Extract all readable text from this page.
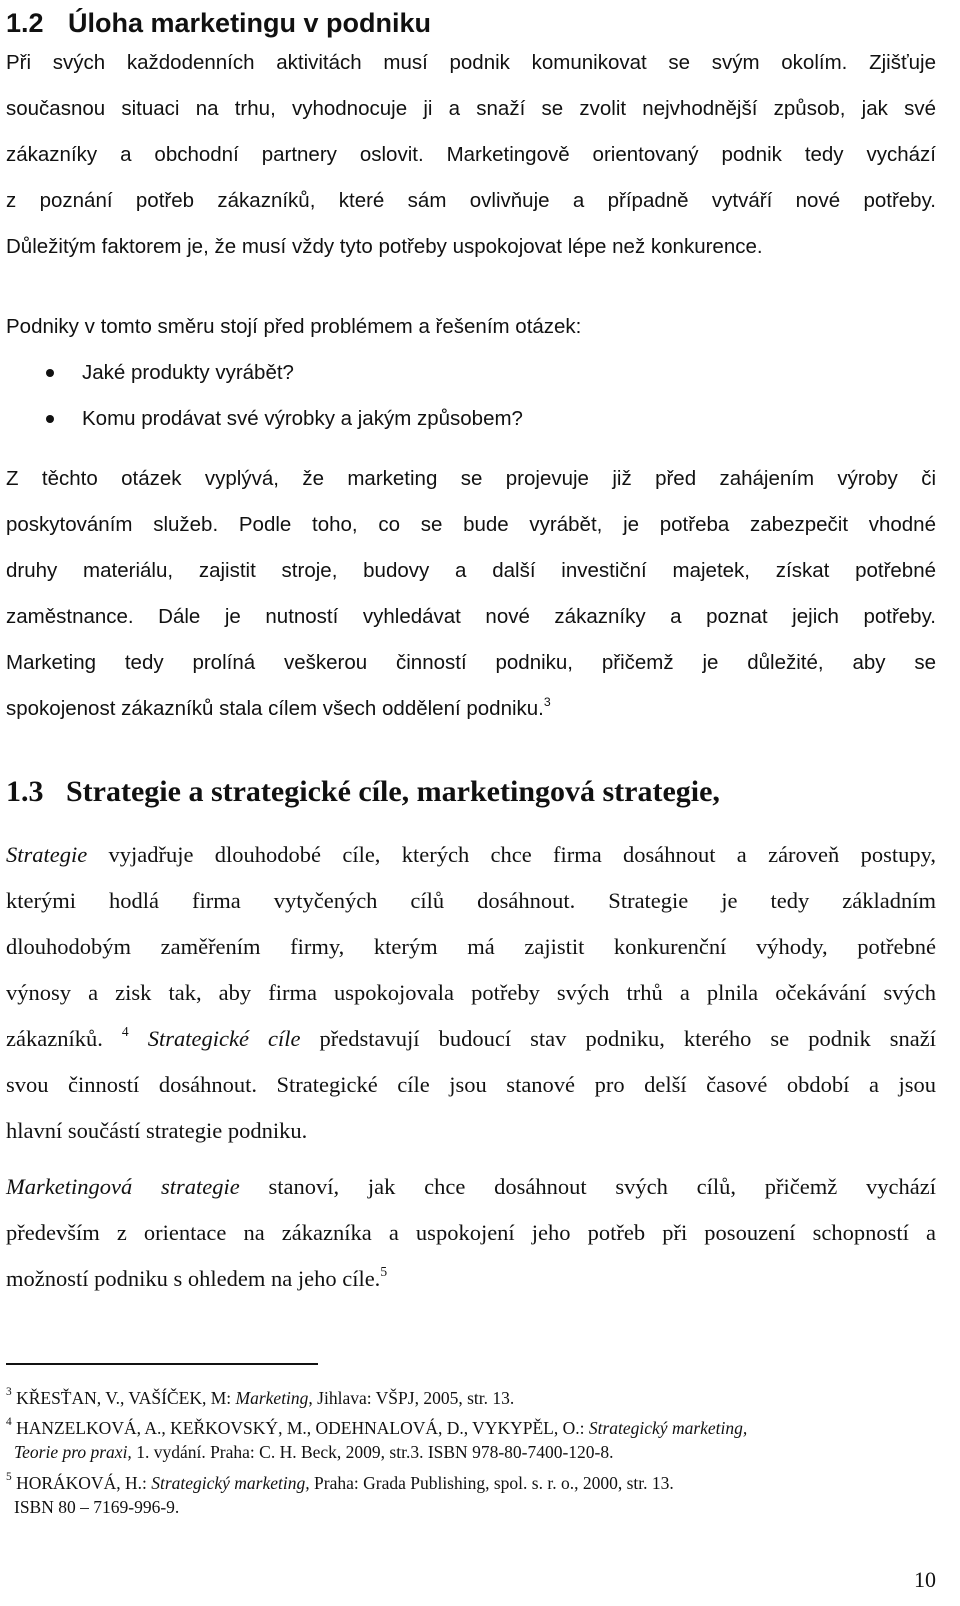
1.2 Úloha marketingu v podniku
Při svých každodenních aktivitách musí podnik komunikovat se svým okolím. Zjišťuje
současnou situaci na trhu, vyhodnocuje ji a snaží se zvolit nejvhodnější způsob, jak své
zákazníky a obchodní partnery oslovit. Marketingově orientovaný podnik tedy vychází
z poznání potřeb zákazníků, které sám ovlivňuje a případně vytváří nové potřeby.
Důležitým faktorem je, že musí vždy tyto potřeby uspokojovat lépe než konkurence.
Podniky v tomto směru stojí před problémem a řešením otázek:
Jaké produkty vyrábět?
Komu prodávat své výrobky a jakým způsobem?
Z těchto otázek vyplývá, že marketing se projevuje již před zahájením výroby či
poskytováním služeb. Podle toho, co se bude vyrábět, je potřeba zabezpečit vhodné
druhy materiálu, zajistit stroje, budovy a další investiční majetek, získat potřebné
zaměstnance. Dále je nutností vyhledávat nové zákazníky a poznat jejich potřeby.
Marketing tedy prolíná veškerou činností podniku, přičemž je důležité, aby se
spokojenost zákazníků stala cílem všech oddělení podniku.$^3$
1.3 Strategie a strategické cíle, marketingová strategie,
Strategie vyjadřuje dlouhodobé cíle, kterých chce firma dosáhnout a zároveň postupy,
kterými hodlá firma vytyčených cílů dosáhnout. Strategie je tedy základním
dlouhodobým zaměřením firmy, kterým má zajistit konkurenční výhody, potřebné
výnosy a zisk tak, aby firma uspokojovala potřeby svých trhů a plnila očekávání svých
zákazníků. $^4$ Strategické cíle představují budoucí stav podniku, kterého se podnik snaží
svou činností dosáhnout. Strategické cíle jsou stanové pro delší časové období a jsou
hlavní součástí strategie podniku.
Marketingová strategie stanoví, jak chce dosáhnout svých cílů, přičemž vychází
především z orientace na zákazníka a uspokojení jeho potřeb při posouzení schopností a
možností podniku s ohledem na jeho cíle.$^5$
$^3$ KŘESŤAN, V., VAŠÍČEK, M: Marketing, Jihlava: VŠPJ, 2005, str. 13.
$^4$ HANZELKOVÁ, A., KEŘKOVSKÝ, M., ODEHNALOVÁ, D., VYKYPĚL, O.: Strategický marketing,
Teorie pro praxi, 1. vydání. Praha: C. H. Beck, 2009, str.3. ISBN 978-80-7400-120-8.
$^5$ HORÁKOVÁ, H.: Strategický marketing, Praha: Grada Publishing, spol. s. r. o., 2000, str. 13.
ISBN 80 – 7169-996-9.
10
